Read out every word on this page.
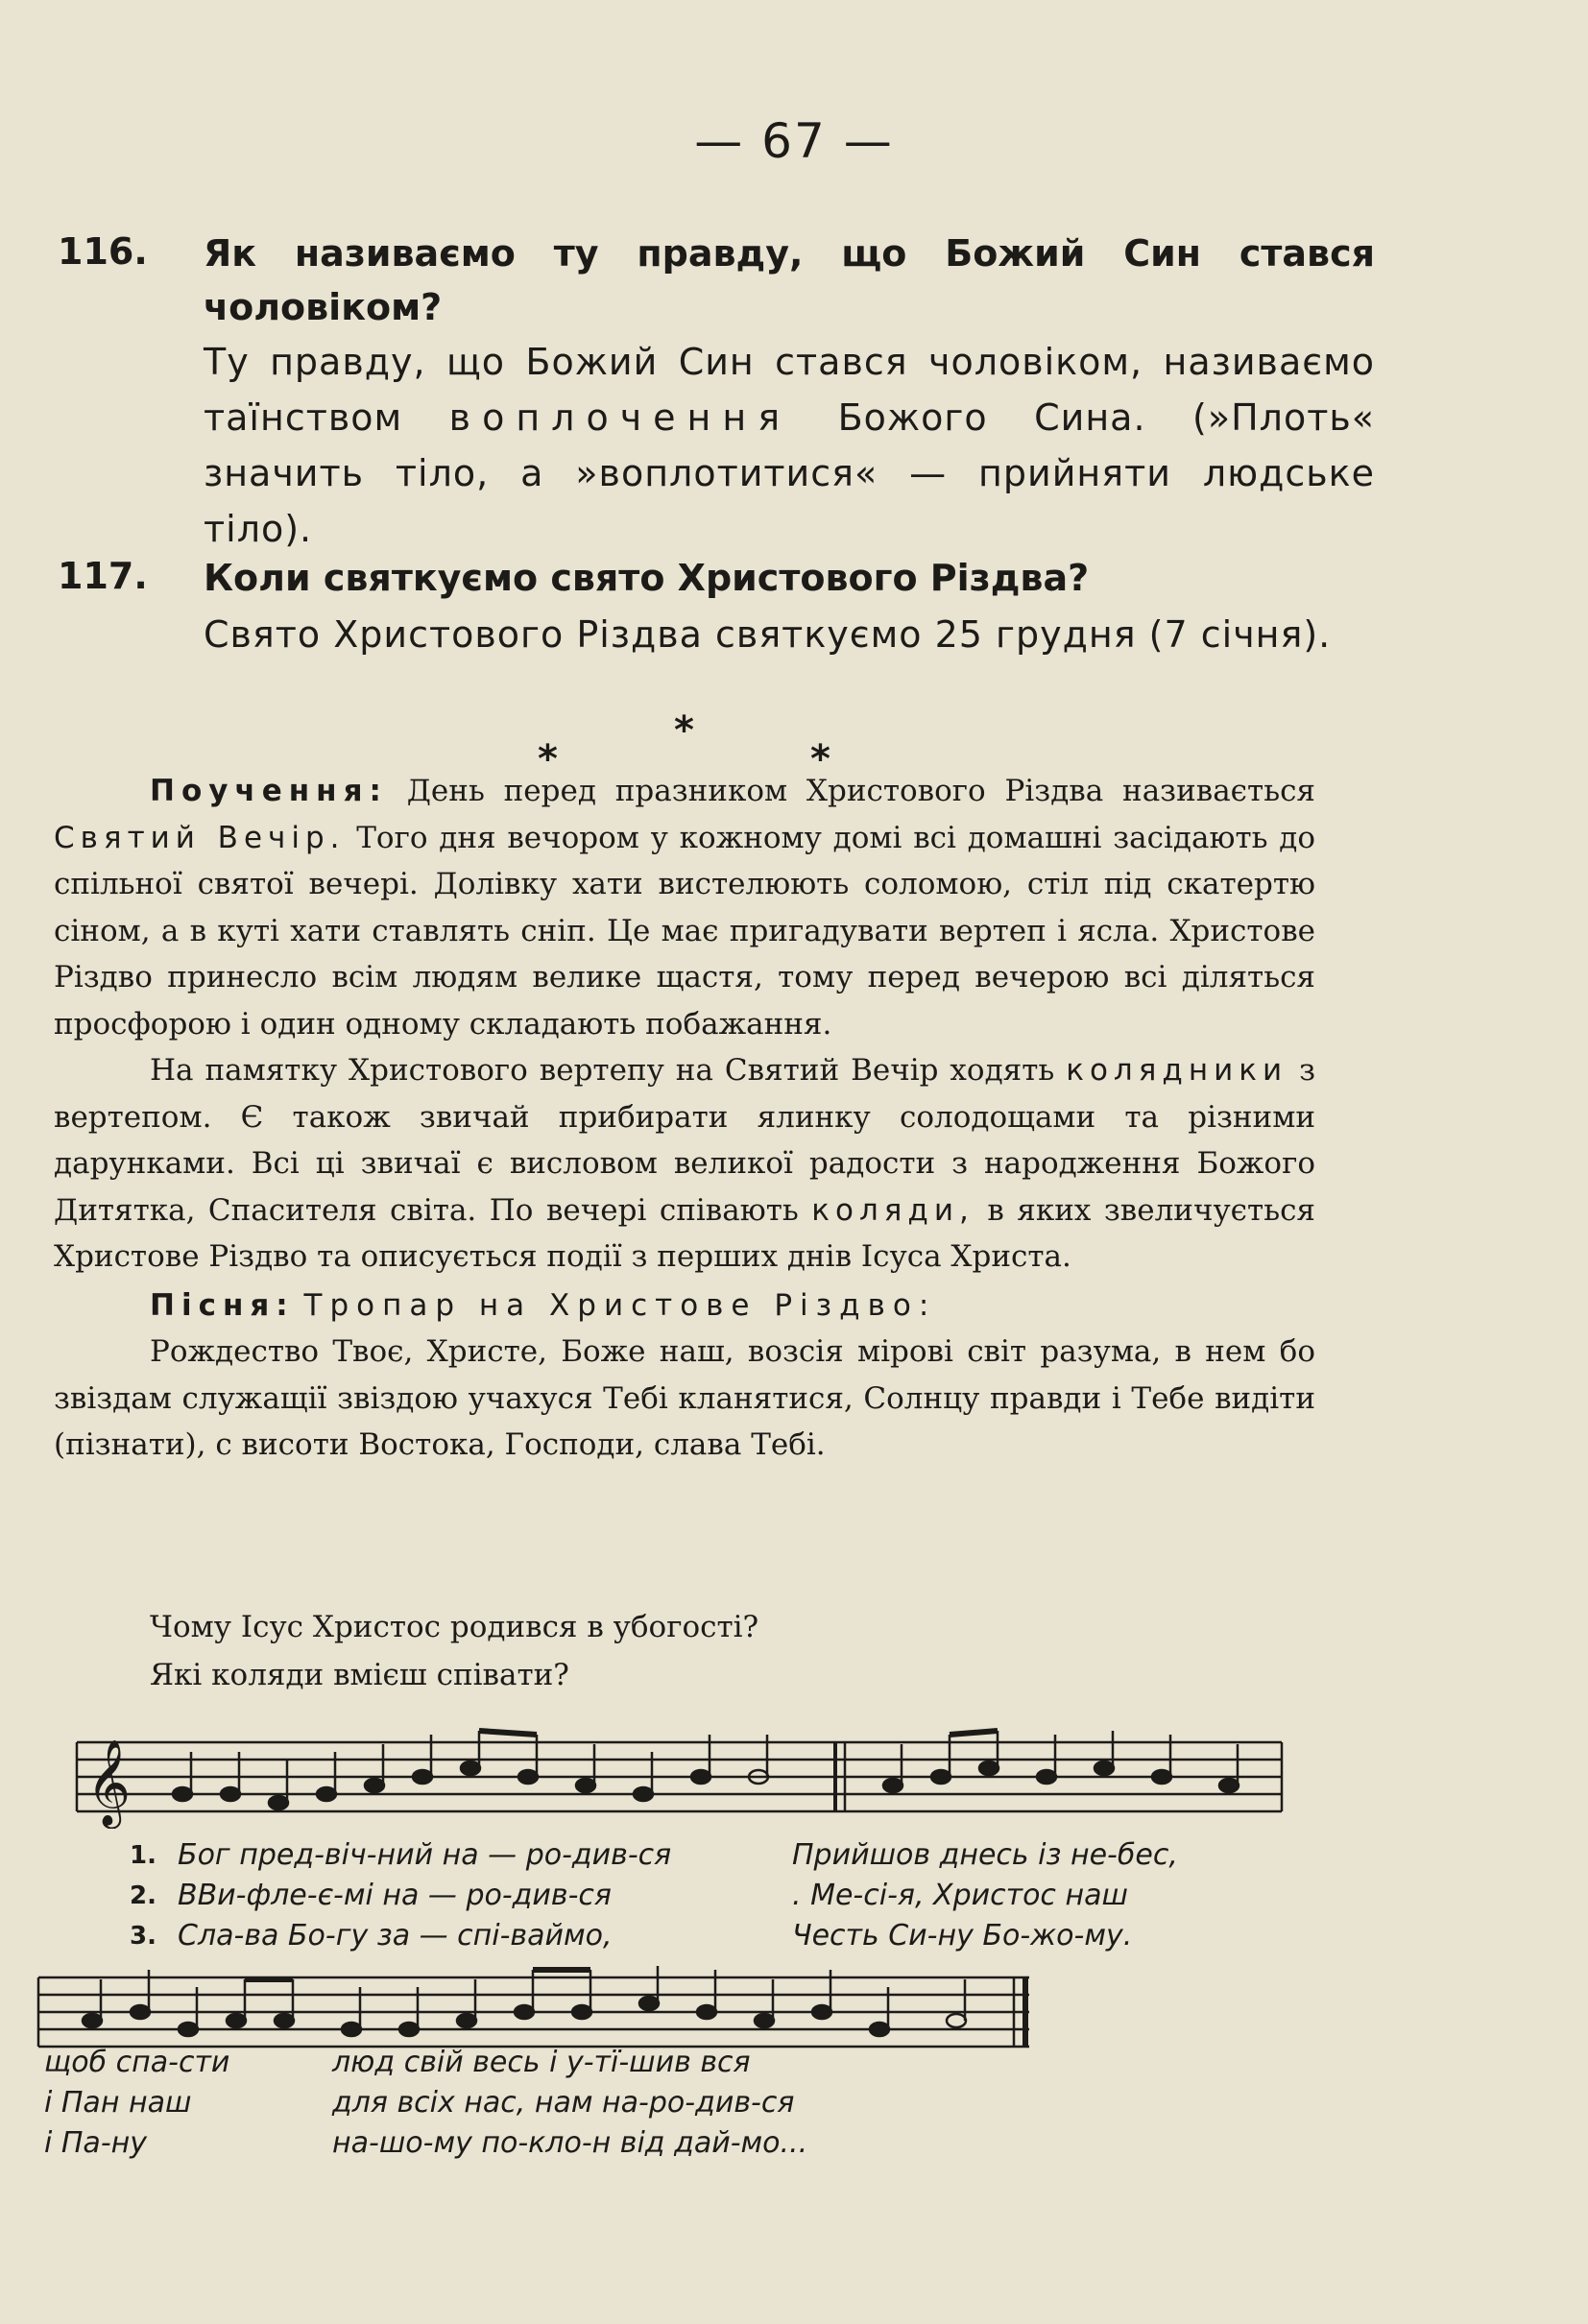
— 67 —
116. Як називаємо ту правду, що Божий Син стався чоловіком?
Ту правду, що Божий Син стався чоловіком, називаємо таїнством воплочення Божого Сина. (»Плоть« значить тіло, а »воплотитися« — прийняти людське тіло).
117. Коли святкуємо свято Христового Різдва?
Свято Христового Різдва святкуємо 25 грудня (7 січня).
*
*	*

Поучення: День перед празником Христового Різдва називається Святий Вечір. Того дня вечором у кожному домі всі домашні засідають до спільної святої вечері. Долівку хати вистелюють соломою, стіл під скатертю сіном, а в куті хати ставлять сніп. Це має пригадувати вертеп і ясла. Христове Різдво принесло всім людям велике щастя, тому перед вечерою всі діляться просфорою і один одному складають побажання.

На памятку Христового вертепу на Святий Вечір ходять колядники з вертепом. Є також звичай прибирати ялинку солодощами та різними дарунками. Всі ці звичаї є висловом великої радости з народження Божого Дитятка, Спасителя світа. По вечері співають коляди, в яких звеличується Христове Різдво та описується події з перших днів Ісуса Христа.

Пісня: Тропар на Христове Різдво:

Рождество Твоє, Христе, Боже наш, возсія мірові світ разума, в нем бо звіздам служащії звіздою учахуся Тебі кланятися, Солнцу правди і Тебе видіти (пізнати), с висоти Востока, Господи, слава Тебі.

Чому Ісус Христос родився в убогості?
Які коляди вмієш співати?
𝄞
1. Бог пред-віч-ний на — ро-див-ся	Прийшов днесь із не-бес,
2. ВВи-фле-є-мі на — ро-див-ся	. Ме-сі-я, Христос наш
3. Сла-ва Бо-гу за — спі-ваймо,	Честь Си-ну Бо-жо-му.
щоб спа-сти	люд свій весь і у-тї-шив вся
і Пан наш	для всіх нас, нам на-ро-див-ся
і Па-ну	на-шо-му по-кло-н від дай-мо...
